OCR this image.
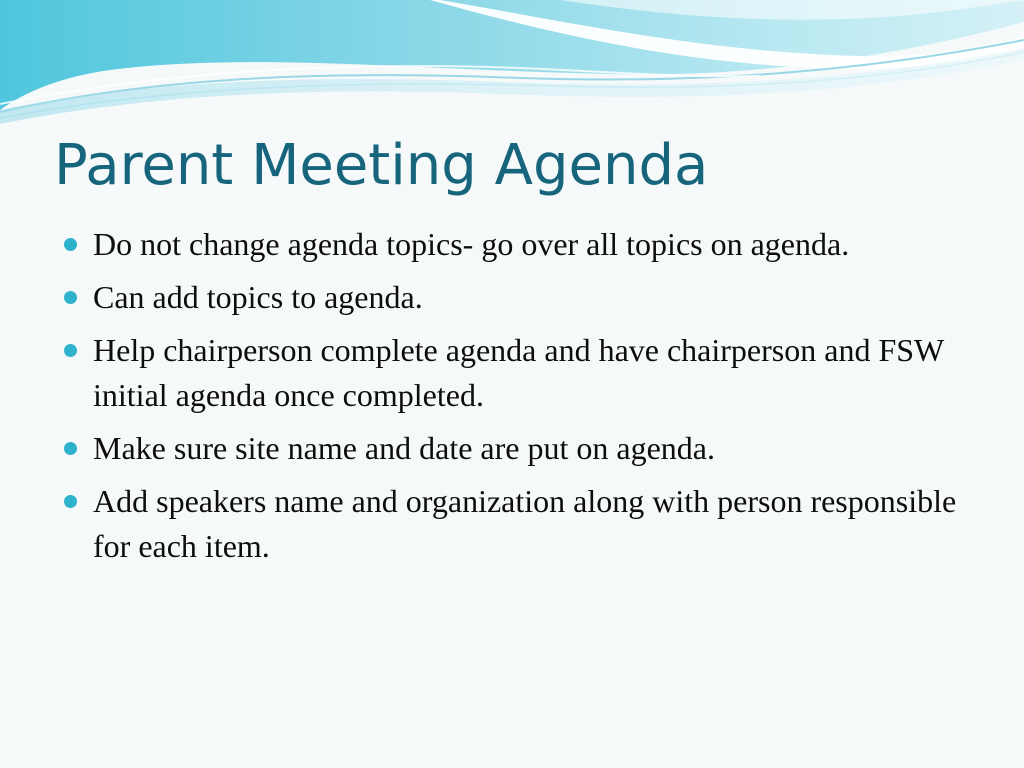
Parent Meeting Agenda
Do not change agenda topics- go over all topics on agenda.
Can add topics to agenda.
Help chairperson complete agenda and have chairperson and FSW initial agenda once completed.
Make sure site name and date are put on agenda.
Add speakers name and organization along with person responsible for each item.
